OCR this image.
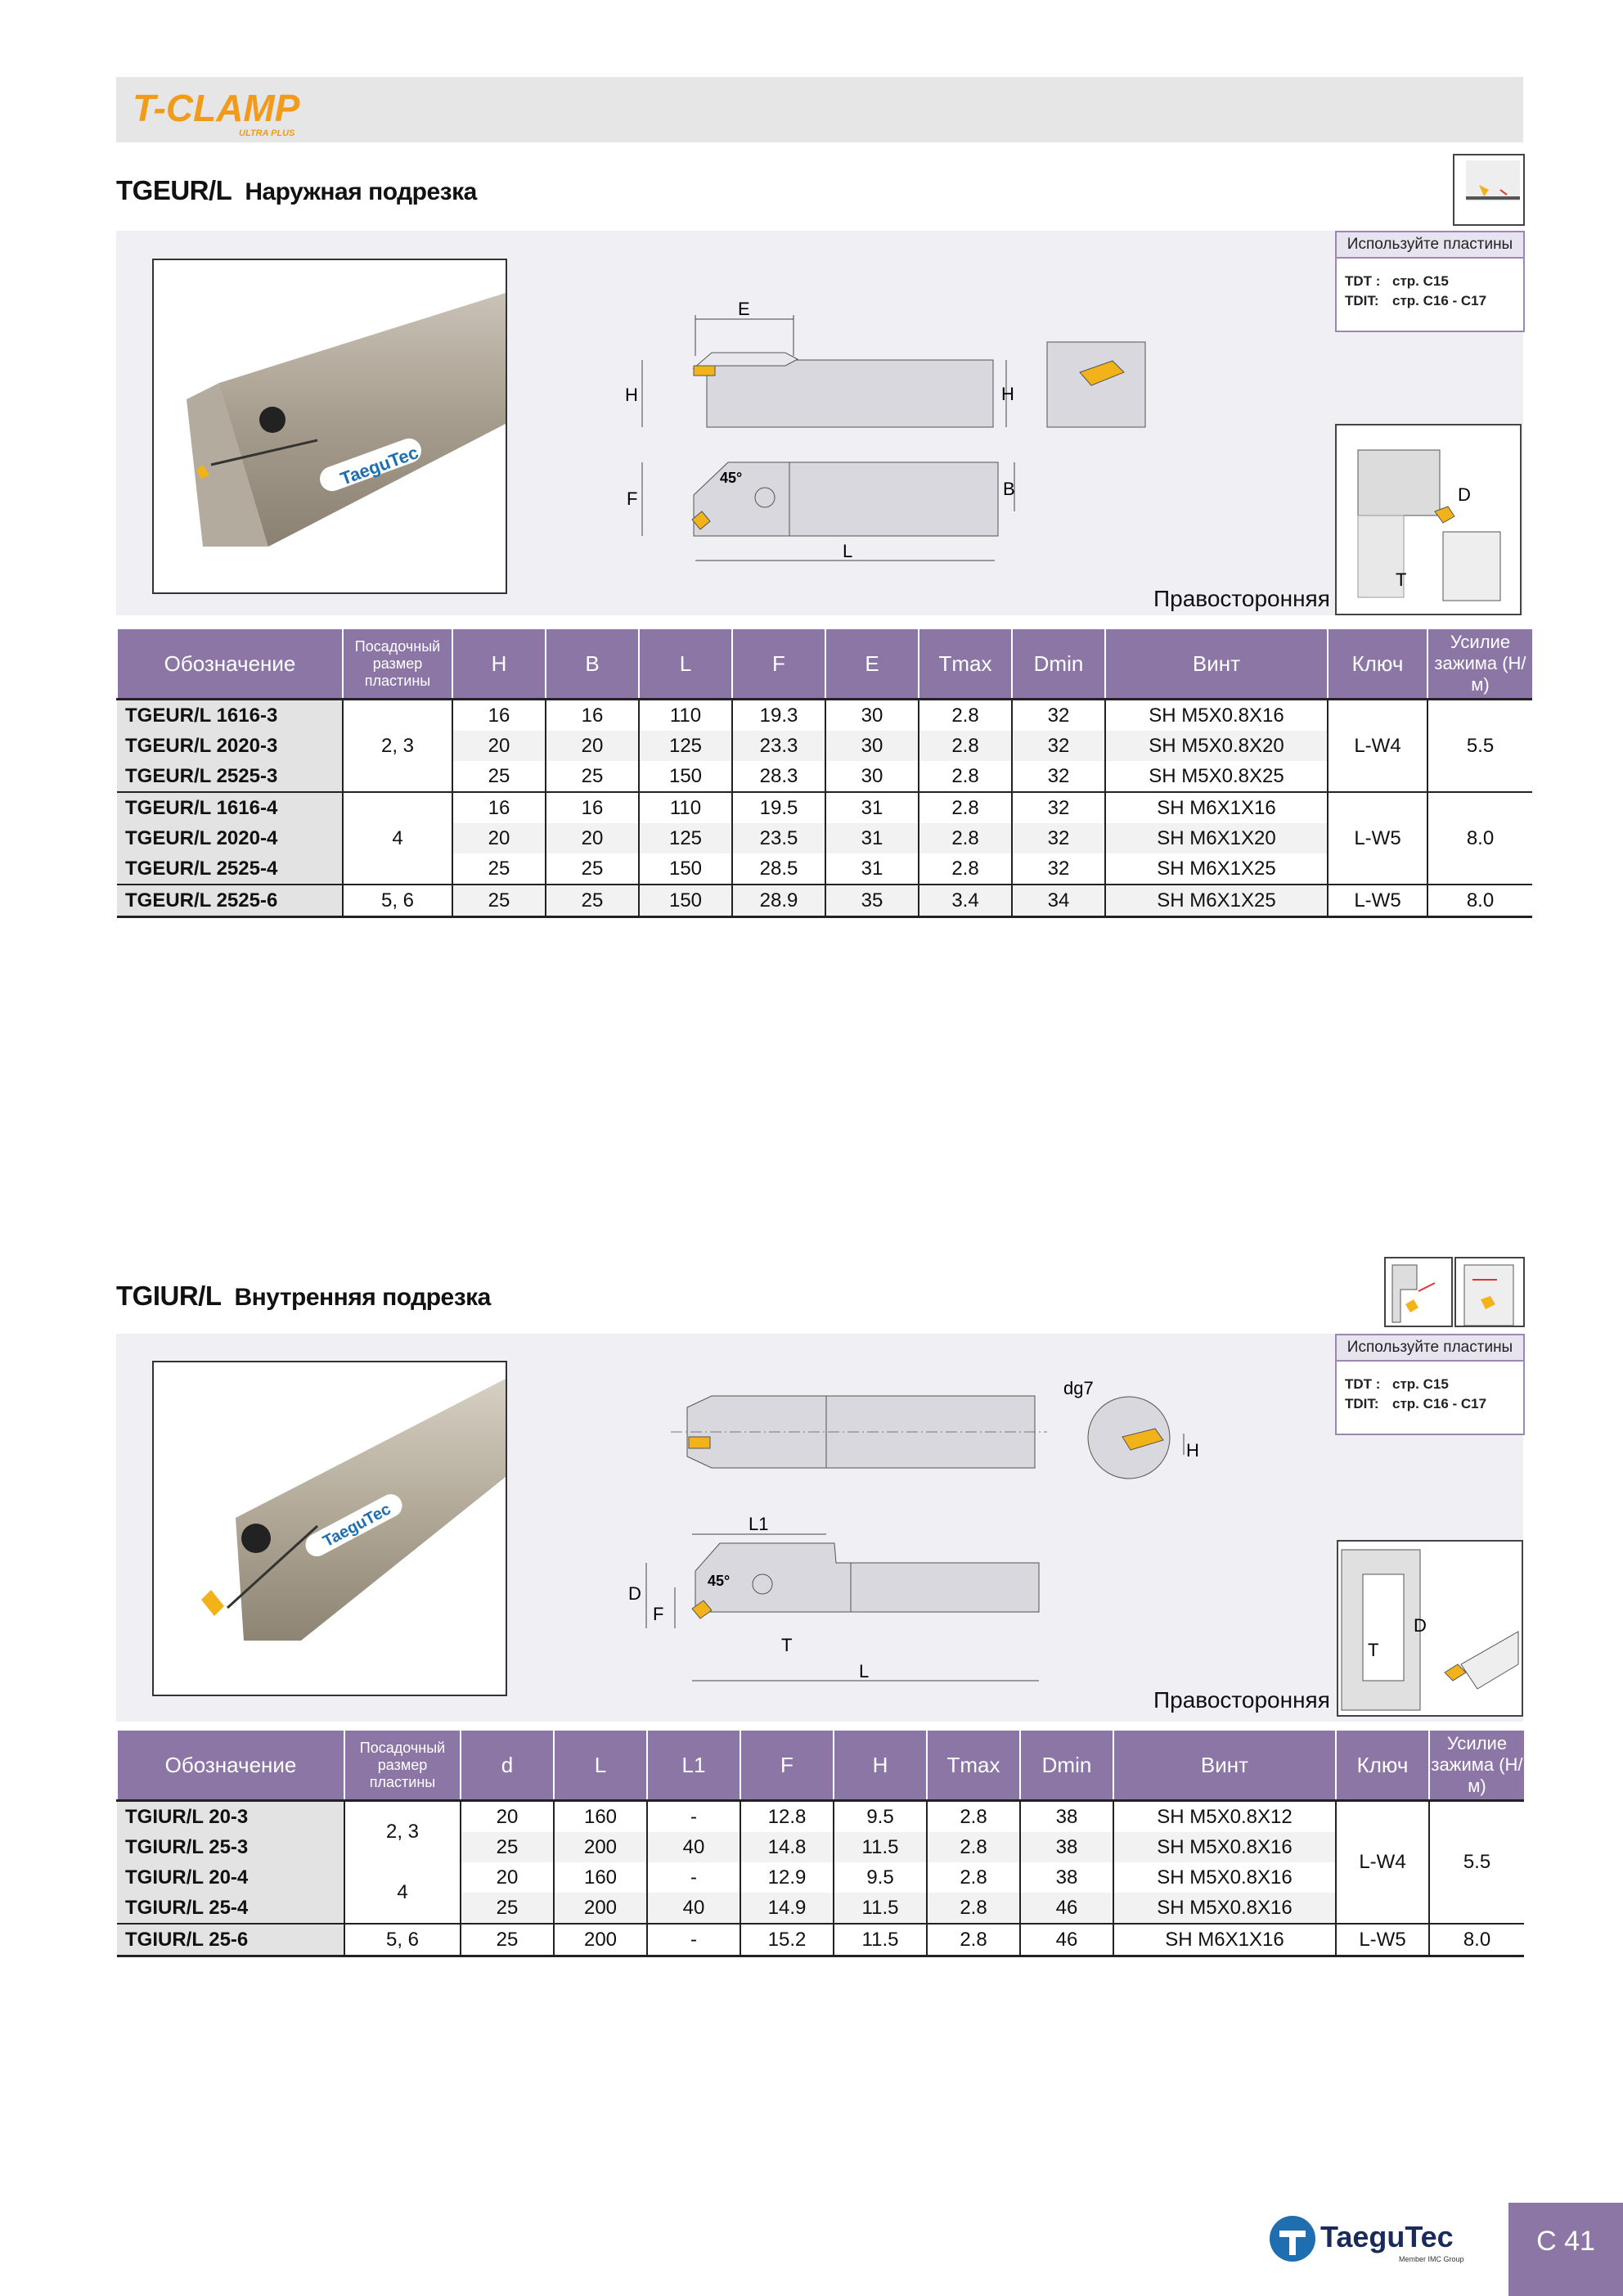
T-CLAMP
ULTRA PLUS
TGEUR/L Наружная подрезка
TaeguTec
E
H	H
45°
F	B
L
Используйте пластины
TDT : стр. C15
TDIT: стр. C16 - C17
D
T
Правосторонняя
Обозначение	Посадочный размер пластины	H	B	L	F	E	Tmax	Dmin	Винт	Ключ	Усилие зажима (Н/м)
TGEUR/L 1616-3	2, 3	16	16	110	19.3	30	2.8	32	SH M5X0.8X16	L-W4	5.5
TGEUR/L 2020-3		20	20	125	23.3	30	2.8	32	SH M5X0.8X20		
TGEUR/L 2525-3		25	25	150	28.3	30	2.8	32	SH M5X0.8X25		
TGEUR/L 1616-4	4	16	16	110	19.5	31	2.8	32	SH M6X1X16	L-W5	8.0
TGEUR/L 2020-4		20	20	125	23.5	31	2.8	32	SH M6X1X20		
TGEUR/L 2525-4		25	25	150	28.5	31	2.8	32	SH M6X1X25		
TGEUR/L 2525-6	5, 6	25	25	150	28.9	35	3.4	34	SH M6X1X25	L-W5	8.0
TGIUR/L Внутренняя подрезка
TaeguTec
dg7
H
45°
L1
D
F
T
L
Используйте пластины
TDT : стр. C15
TDIT: стр. C16 - C17
D
T
Правосторонняя
Обозначение	Посадочный размер пластины	d	L	L1	F	H	Tmax	Dmin	Винт	Ключ	Усилие зажима (Н/м)
TGIUR/L 20-3	2, 3	20	160	-	12.8	9.5	2.8	38	SH M5X0.8X12	L-W4	5.5
TGIUR/L 25-3		25	200	40	14.8	11.5	2.8	38	SH M5X0.8X16		
TGIUR/L 20-4	4	20	160	-	12.9	9.5	2.8	38	SH M5X0.8X16		
TGIUR/L 25-4		25	200	40	14.9	11.5	2.8	46	SH M5X0.8X16		
TGIUR/L 25-6	5, 6	25	200	-	15.2	11.5	2.8	46	SH M6X1X16	L-W5	8.0
TaeguTec
Member IMC Group
C 41
